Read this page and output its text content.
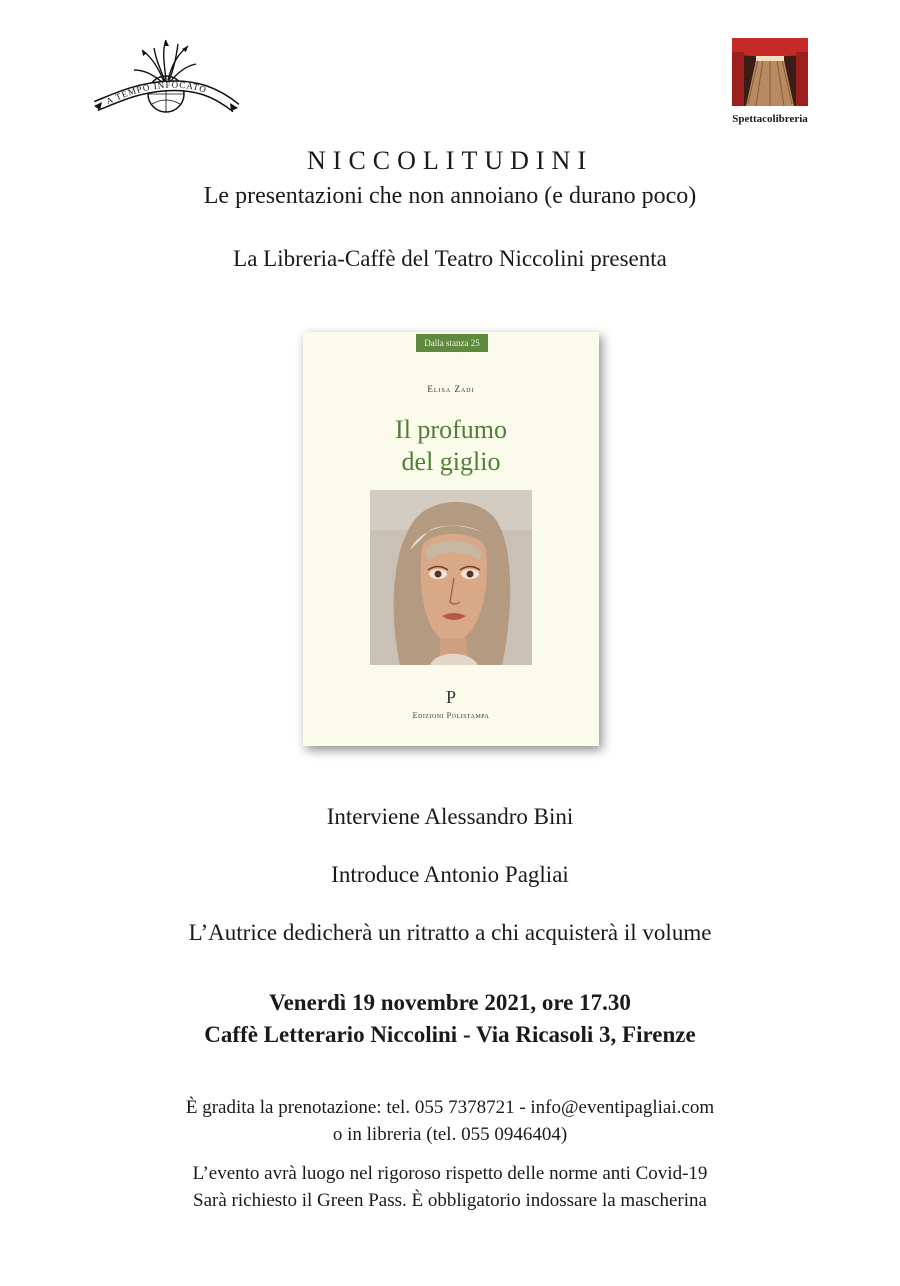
A TEMPO INFOCATO
Spettacolibreria
NICCOLITUDINI
Le presentazioni che non annoiano (e durano poco)
La Libreria-Caffè del Teatro Niccolini presenta
Dalla stanza 25
Elisa Zadi
Il profumo
del giglio
P
Edizioni Polistampa
Interviene Alessandro Bini
Introduce Antonio Pagliai
L’Autrice dedicherà un ritratto a chi acquisterà il volume
Venerdì 19 novembre 2021, ore 17.30
Caffè Letterario Niccolini - Via Ricasoli 3, Firenze
È gradita la prenotazione: tel. 055 7378721 - info@eventipagliai.com
o in libreria (tel. 055 0946404)
L’evento avrà luogo nel rigoroso rispetto delle norme anti Covid-19
Sarà richiesto il Green Pass. È obbligatorio indossare la mascherina
